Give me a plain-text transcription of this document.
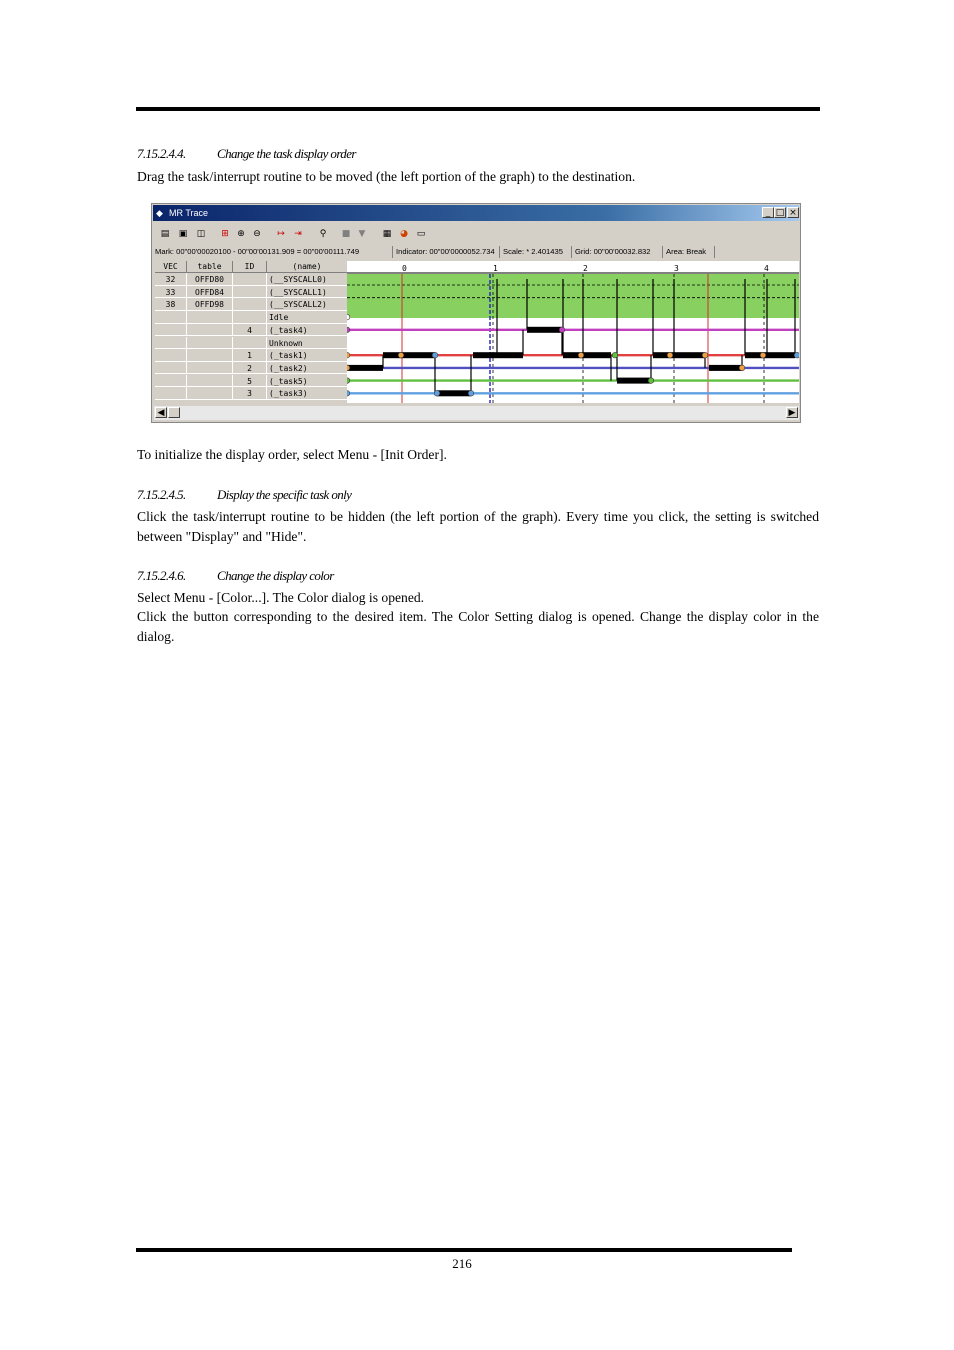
7.15.2.4.4. Change the task display order
Drag the task/interrupt routine to be moved (the left portion of the graph) to the destination.
◆ MR Trace	_ □ ×
▤	▣	◫	⊞ ⊕ ⊖	↦	⇥	⚲	■ ▼	▦ ◕ ▭
Mark: 00"00'00020100 - 00"00'00131.909 = 00"00'00111.749	Indicator: 00"00'0000052.734	Scale: * 2.401435	Grid: 00"00'00032.832	Area: Break
VEC	table	ID	(name)
32	OFFD80	(__SYSCALL0)
33	OFFD84	(__SYSCALL1)
38	OFFD98	(__SYSCALL2)
Idle
4	(_task4)
Unknown
1	(_task1)
2	(_task2)
5	(_task5)
3	(_task3)
0	1	2	3	4
◀	▶
To initialize the display order, select Menu - [Init Order].
7.15.2.4.5. Display the specific task only
Click the task/interrupt routine to be hidden (the left portion of the graph). Every time you click, the setting is switched between "Display" and "Hide".
7.15.2.4.6. Change the display color
Select Menu - [Color...]. The Color dialog is opened.
Click the button corresponding to the desired item. The Color Setting dialog is opened. Change the display color in the dialog.
216
